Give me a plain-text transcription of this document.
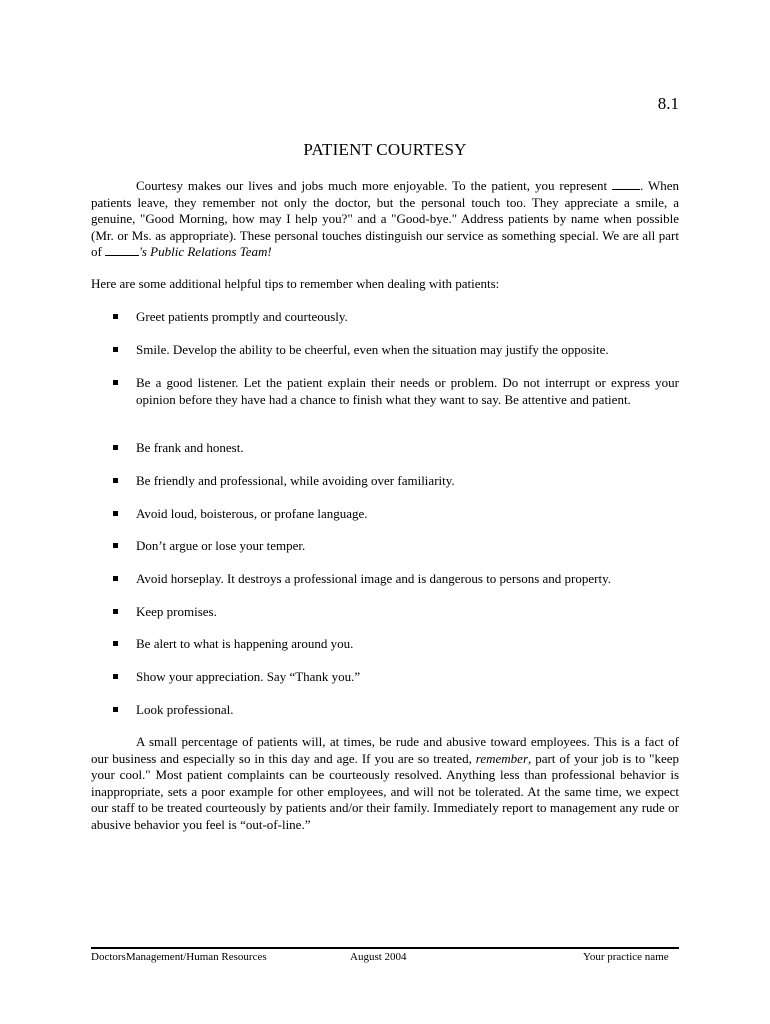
8.1
PATIENT COURTESY

Courtesy makes our lives and jobs much more enjoyable. To the patient, you represent . When patients leave, they remember not only the doctor, but the personal touch too. They appreciate a smile, a genuine, "Good Morning, how may I help you?" and a "Good-bye." Address patients by name when possible (Mr. or Ms. as appropriate). These personal touches distinguish our service as something special. We are all part of	's Public Relations Team!

Here are some additional helpful tips to remember when dealing with patients:

Greet patients promptly and courteously.
Smile. Develop the ability to be cheerful, even when the situation may justify the opposite.
Be a good listener. Let the patient explain their needs or problem. Do not interrupt or express your opinion before they have had a chance to finish what they want to say. Be attentive and patient.
Be frank and honest.
Be friendly and professional, while avoiding over familiarity.
Avoid loud, boisterous, or profane language.
Don’t argue or lose your temper.
Avoid horseplay. It destroys a professional image and is dangerous to persons and property.
Keep promises.
Be alert to what is happening around you.
Show your appreciation. Say “Thank you.”
Look professional.

A small percentage of patients will, at times, be rude and abusive toward employees. This is a fact of our business and especially so in this day and age. If you are so treated, remember, part of your job is to "keep your cool." Most patient complaints can be courteously resolved. Anything less than professional behavior is inappropriate, sets a poor example for other employees, and will not be tolerated. At the same time, we expect our staff to be treated courteously by patients and/or their family. Immediately report to management any rude or abusive behavior you feel is “out-of-line.”

DoctorsManagement/Human Resources	August 2004	Your practice name
